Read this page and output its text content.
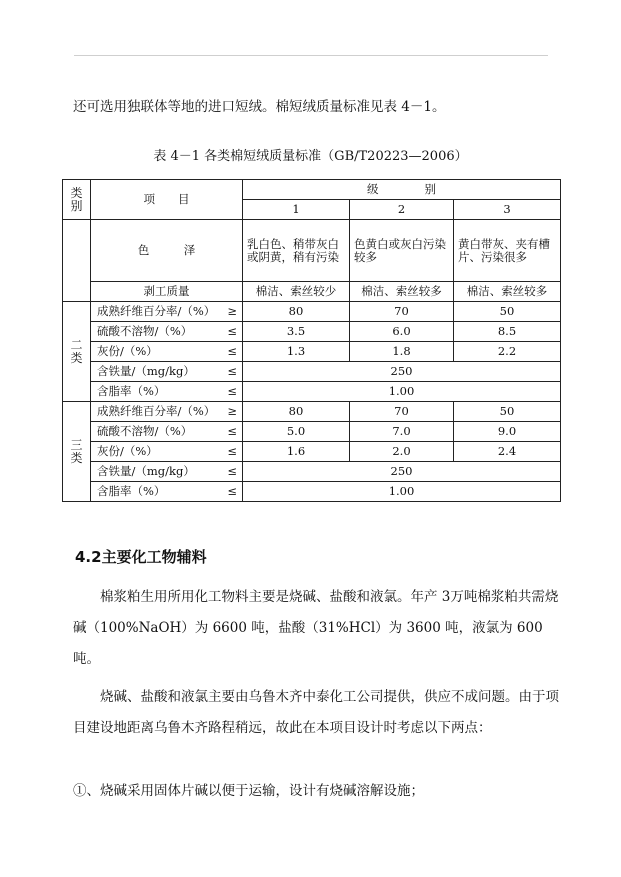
还可选用独联体等地的进口短绒。棉短绒质量标准见表 4－1。
表 4－1 各类棉短绒质量标准（GB/T20223—2006）
类别	项　　目	级　　　　别		
		1	2	3
	色　　　泽	乳白色、稍带灰白或阴黄，稍有污染	色黄白或灰白污染较多	黄白带灰、夹有槽片、污染很多
	剥工质量	棉洁、索丝较少	棉洁、索丝较多	棉洁、索丝较多
二类	成熟纤维百分率/（%） ≥	80	70	50
	硫酸不溶物/（%） ≤	3.5	6.0	8.5
	灰份/（%） ≤	1.3	1.8	2.2
	含铁量/（mg/kg） ≤	250		
	含脂率（%） ≤	1.00		
三类	成熟纤维百分率/（%） ≥	80	70	50
	硫酸不溶物/（%） ≤	5.0	7.0	9.0
	灰份/（%） ≤	1.6	2.0	2.4
	含铁量/（mg/kg） ≤	250		
	含脂率（%） ≤	1.00		
4.2主要化工物辅料

棉浆粕生用所用化工物料主要是烧碱、盐酸和液氯。年产 3万吨棉浆粕共需烧碱（100%NaOH）为 6600 吨，盐酸（31%HCl）为 3600 吨，液氯为 600 吨。

烧碱、盐酸和液氯主要由乌鲁木齐中泰化工公司提供，供应不成问题。由于项目建设地距离乌鲁木齐路程稍远，故此在本项目设计时考虑以下两点：

①、烧碱采用固体片碱以便于运输，设计有烧碱溶解设施；
